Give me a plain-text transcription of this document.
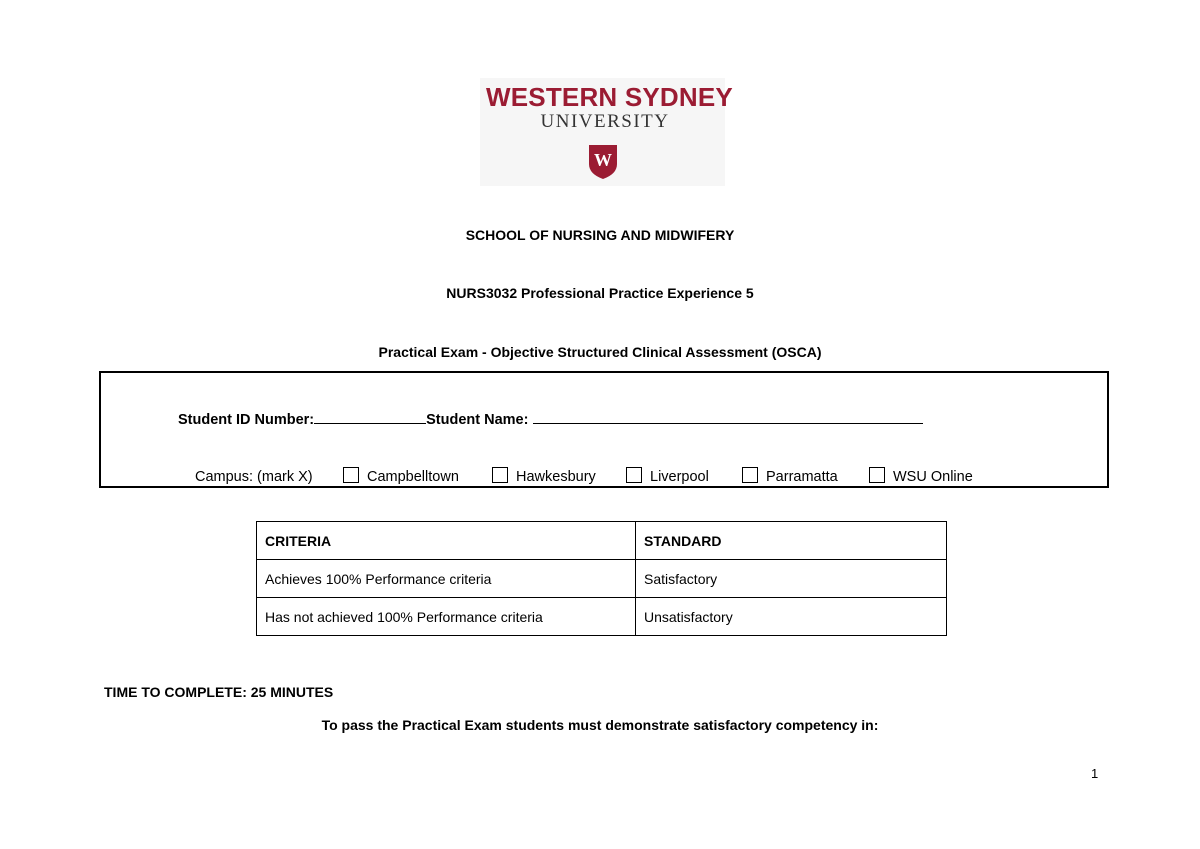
WESTERN SYDNEY
UNIVERSITY
W
SCHOOL OF NURSING AND MIDWIFERY
NURS3032 Professional Practice Experience 5
Practical Exam - Objective Structured Clinical Assessment (OSCA)
Student ID Number:	Student Name:
Campus: (mark X)	Campbelltown	Hawkesbury	Liverpool	Parramatta	WSU Online
CRITERIA	STANDARD
Achieves 100% Performance criteria	Satisfactory
Has not achieved 100% Performance criteria	Unsatisfactory
TIME TO COMPLETE: 25 MINUTES
To pass the Practical Exam students must demonstrate satisfactory competency in:
1
